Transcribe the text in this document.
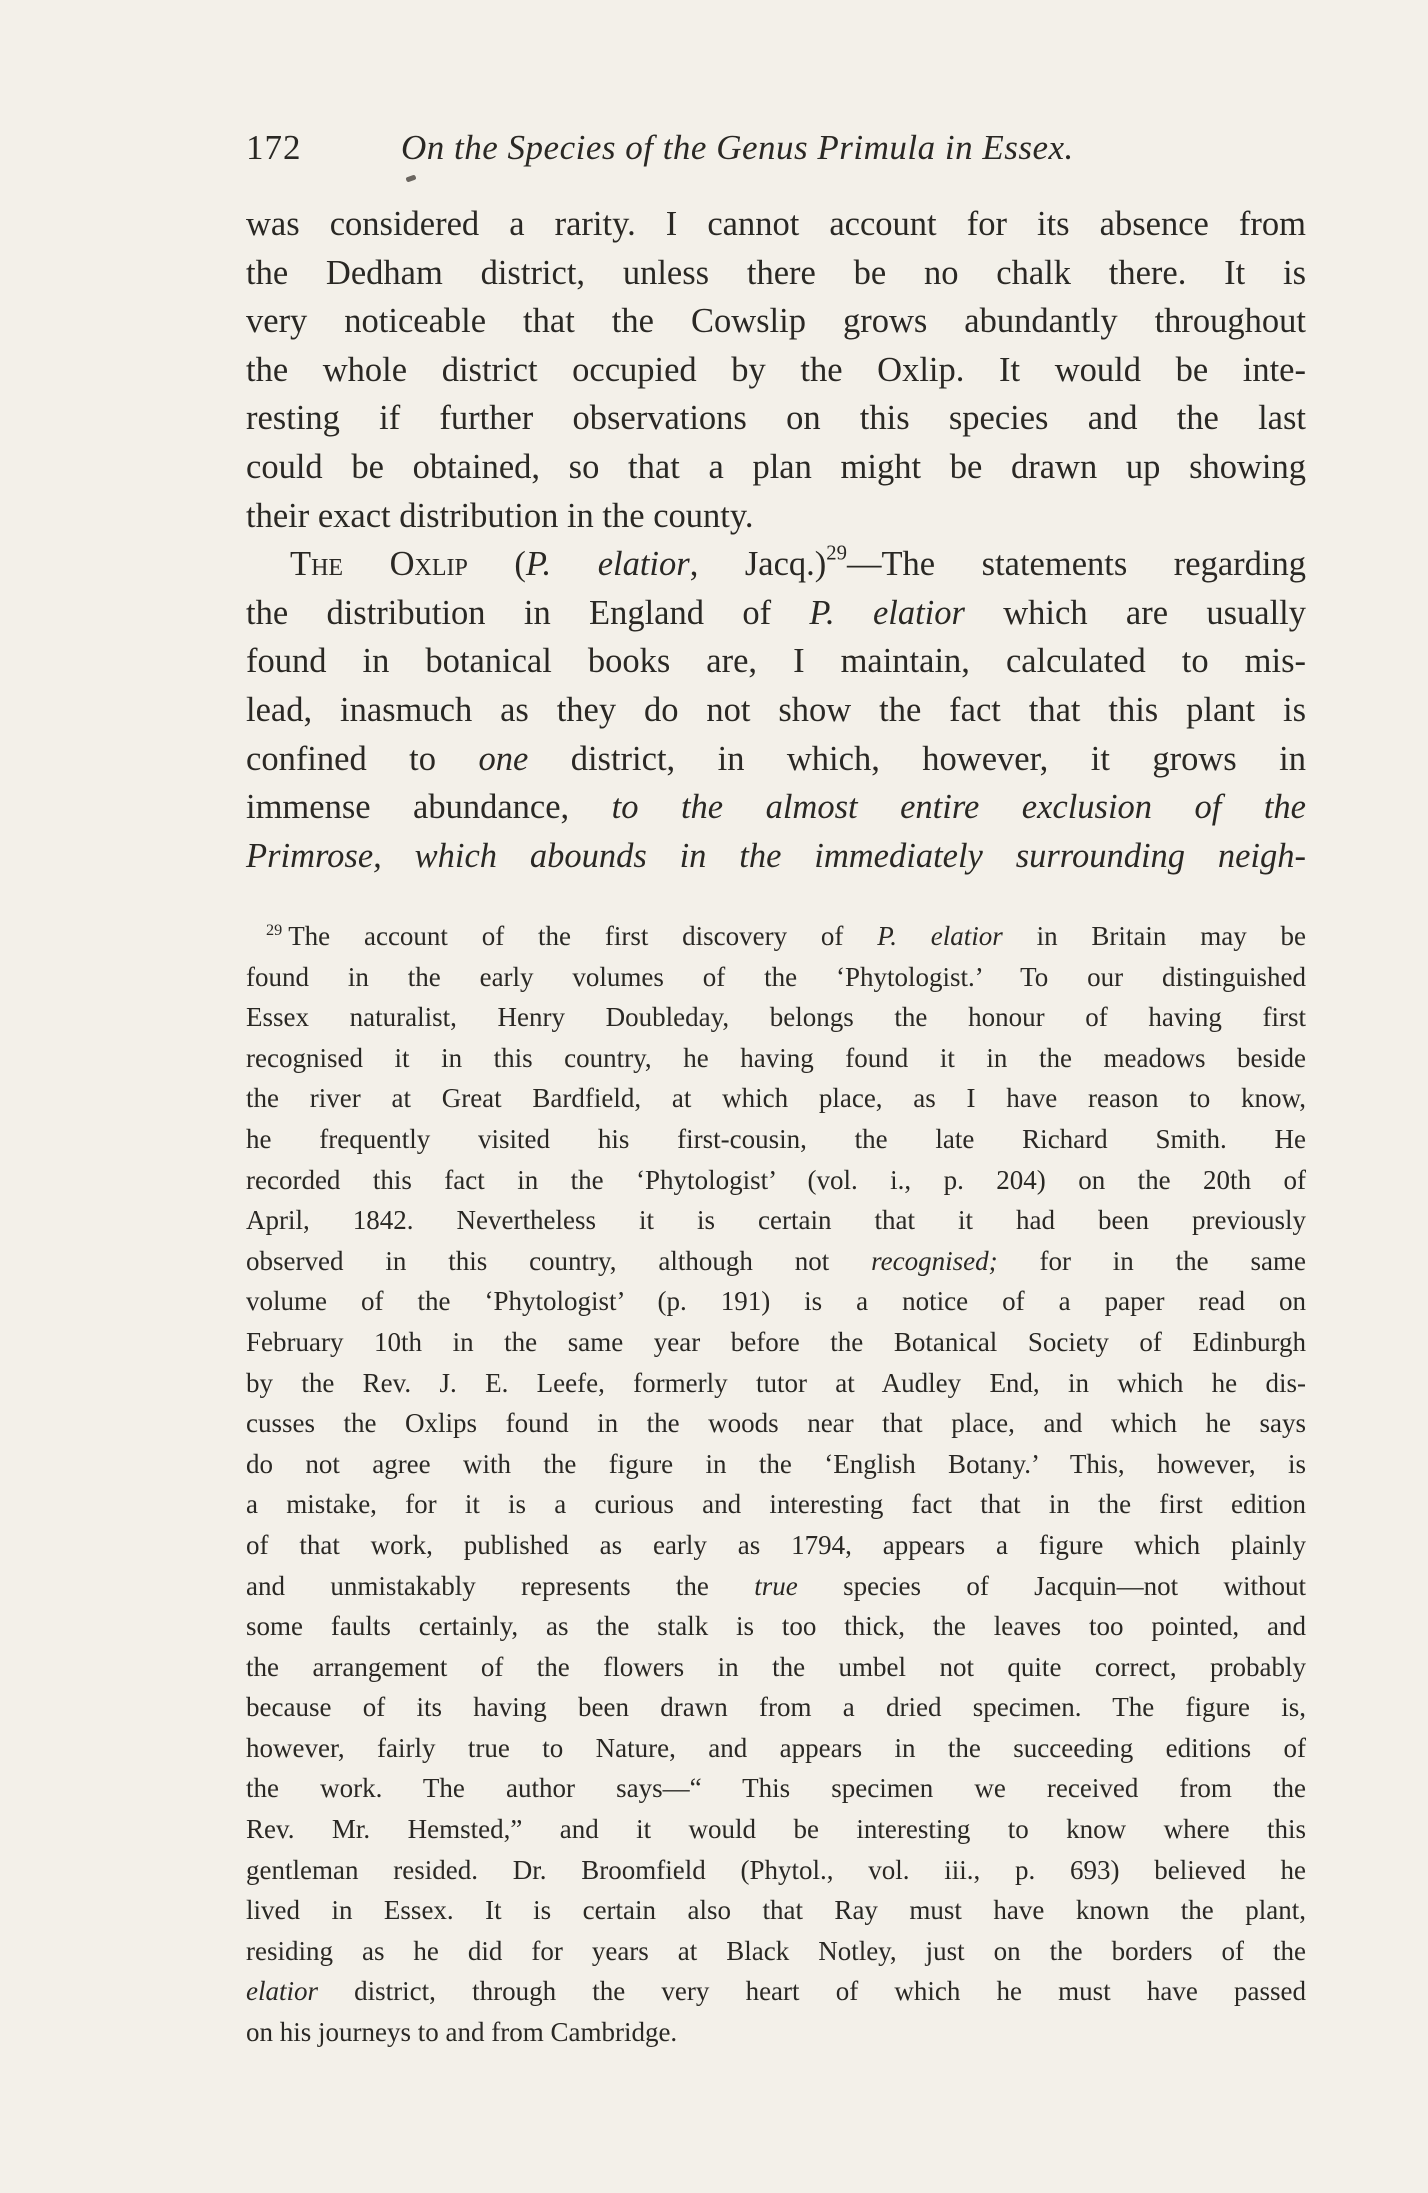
172	On the Species of the Genus Primula in Essex.

was considered a rarity. I cannot account for its absence from
the Dedham district, unless there be no chalk there. It is
very noticeable that the Cowslip grows abundantly throughout
the whole district occupied by the Oxlip. It would be inte-
resting if further observations on this species and the last
could be obtained, so that a plan might be drawn up showing
their exact distribution in the county.

The Oxlip (P. elatior, Jacq.)$^{29}$—The statements regarding
the distribution in England of P. elatior which are usually
found in botanical books are, I maintain, calculated to mis-
lead, inasmuch as they do not show the fact that this plant is
confined to one district, in which, however, it grows in
immense abundance, to the almost entire exclusion of the
Primrose, which abounds in the immediately surrounding neigh-

$^{29}$ The account of the first discovery of P. elatior in Britain may be
found in the early volumes of the ‘Phytologist.’ To our distinguished
Essex naturalist, Henry Doubleday, belongs the honour of having first
recognised it in this country, he having found it in the meadows beside
the river at Great Bardfield, at which place, as I have reason to know,
he frequently visited his first-cousin, the late Richard Smith. He
recorded this fact in the ‘Phytologist’ (vol. i., p. 204) on the 20th of
April, 1842. Nevertheless it is certain that it had been previously
observed in this country, although not recognised; for in the same
volume of the ‘Phytologist’ (p. 191) is a notice of a paper read on
February 10th in the same year before the Botanical Society of Edinburgh
by the Rev. J. E. Leefe, formerly tutor at Audley End, in which he dis-
cusses the Oxlips found in the woods near that place, and which he says
do not agree with the figure in the ‘English Botany.’ This, however, is
a mistake, for it is a curious and interesting fact that in the first edition
of that work, published as early as 1794, appears a figure which plainly
and unmistakably represents the true species of Jacquin—not without
some faults certainly, as the stalk is too thick, the leaves too pointed, and
the arrangement of the flowers in the umbel not quite correct, probably
because of its having been drawn from a dried specimen. The figure is,
however, fairly true to Nature, and appears in the succeeding editions of
the work. The author says—“ This specimen we received from the
Rev. Mr. Hemsted,” and it would be interesting to know where this
gentleman resided. Dr. Broomfield (Phytol., vol. iii., p. 693) believed he
lived in Essex. It is certain also that Ray must have known the plant,
residing as he did for years at Black Notley, just on the borders of the
elatior district, through the very heart of which he must have passed
on his journeys to and from Cambridge.
